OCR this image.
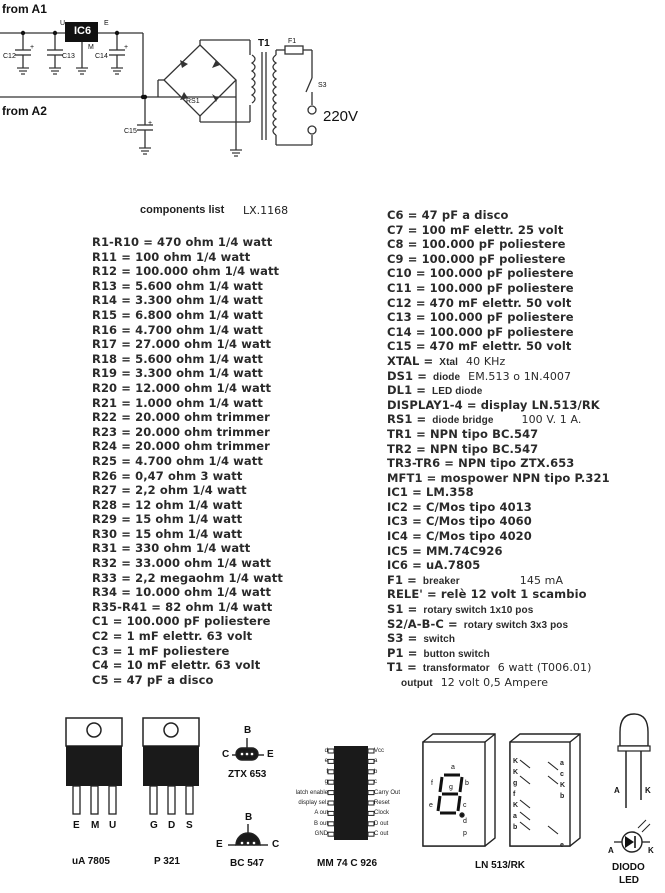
from A1
from A2
IC6
U	E
M
C12
+
C13	C14
+
C15
+
RS1
T1	F1
S3
220V
components list LX.1168
R1-R10 = 470 ohm 1/4 watt
R11 = 100 ohm 1/4 watt
R12 = 100.000 ohm 1/4 watt
R13 = 5.600 ohm 1/4 watt
R14 = 3.300 ohm 1/4 watt
R15 = 6.800 ohm 1/4 watt
R16 = 4.700 ohm 1/4 watt
R17 = 27.000 ohm 1/4 watt
R18 = 5.600 ohm 1/4 watt
R19 = 3.300 ohm 1/4 watt
R20 = 12.000 ohm 1/4 watt
R21 = 1.000 ohm 1/4 watt
R22 = 20.000 ohm trimmer
R23 = 20.000 ohm trimmer
R24 = 20.000 ohm trimmer
R25 = 4.700 ohm 1/4 watt
R26 = 0,47 ohm 3 watt
R27 = 2,2 ohm 1/4 watt
R28 = 12 ohm 1/4 watt
R29 = 15 ohm 1/4 watt
R30 = 15 ohm 1/4 watt
R31 = 330 ohm 1/4 watt
R32 = 33.000 ohm 1/4 watt
R33 = 2,2 megaohm 1/4 watt
R34 = 10.000 ohm 1/4 watt
R35-R41 = 82 ohm 1/4 watt
C1 = 100.000 pF poliestere
C2 = 1 mF elettr. 63 volt
C3 = 1 mF poliestere
C4 = 10 mF elettr. 63 volt
C5 = 47 pF a disco
C6 = 47 pF a disco
C7 = 100 mF elettr. 25 volt
C8 = 100.000 pF poliestere
C9 = 100.000 pF poliestere
C10 = 100.000 pF poliestere
C11 = 100.000 pF poliestere
C12 = 470 mF elettr. 50 volt
C13 = 100.000 pF poliestere
C14 = 100.000 pF poliestere
C15 = 470 mF elettr. 50 volt
XTAL = Xtal 40 KHz
DS1 = diode EM.513 o 1N.4007
DL1 = LED diode
DISPLAY1-4 = display LN.513/RK
RS1 = diode bridge	100 V. 1 A.
TR1 = NPN tipo BC.547
TR2 = NPN tipo BC.547
TR3-TR6 = NPN tipo ZTX.653
MFT1 = mospower NPN tipo P.321
IC1 = LM.358
IC2 = C/Mos tipo 4013
IC3 = C/Mos tipo 4060
IC4 = C/Mos tipo 4020
IC5 = MM.74C926
IC6 = uA.7805
F1 = breaker	145 mA
RELE' = relè 12 volt 1 scambio
S1 = rotary switch 1x10 pos
S2/A-B-C = rotary switch 3x3 pos
S3 = switch
P1 = button switch
T1 = transformator 6 watt (T006.01)
output 12 volt 0,5 Ampere
E M U
uA 7805
G D S
P 321
B
C	E
ZTX 653
B
E	C
BC 547
d
e
f
g
latch enable
display sel.
A out
B out
GND
Vcc
a
b
c
Carry Out
Reset
Clock
D out
C out
MM 74 C 926
a
f	b
g
e	c
d
p
K
K
g
f
K
a
b
a
c
K
b
LN 513/RK
A	K
A	K
DIODO
LED
